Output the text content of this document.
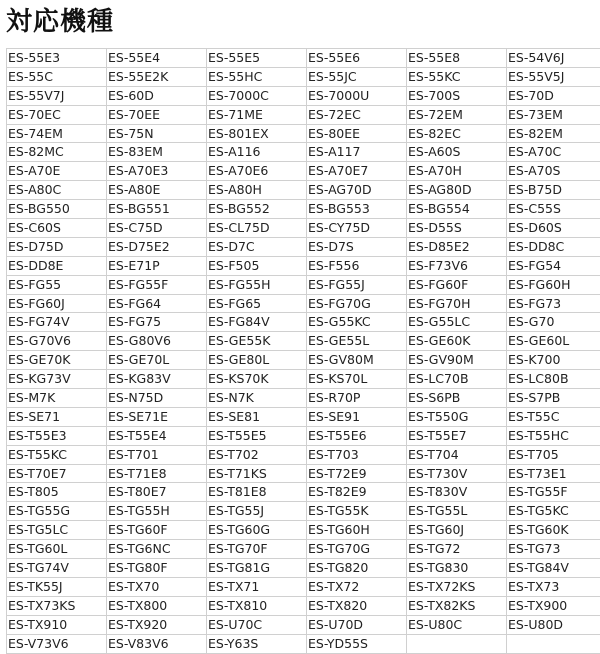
対応機種
ES-55E3	ES-55E4	ES-55E5	ES-55E6	ES-55E8	ES-54V6J
ES-55C	ES-55E2K	ES-55HC	ES-55JC	ES-55KC	ES-55V5J
ES-55V7J	ES-60D	ES-7000C	ES-7000U	ES-700S	ES-70D
ES-70EC	ES-70EE	ES-71ME	ES-72EC	ES-72EM	ES-73EM
ES-74EM	ES-75N	ES-801EX	ES-80EE	ES-82EC	ES-82EM
ES-82MC	ES-83EM	ES-A116	ES-A117	ES-A60S	ES-A70C
ES-A70E	ES-A70E3	ES-A70E6	ES-A70E7	ES-A70H	ES-A70S
ES-A80C	ES-A80E	ES-A80H	ES-AG70D	ES-AG80D	ES-B75D
ES-BG550	ES-BG551	ES-BG552	ES-BG553	ES-BG554	ES-C55S
ES-C60S	ES-C75D	ES-CL75D	ES-CY75D	ES-D55S	ES-D60S
ES-D75D	ES-D75E2	ES-D7C	ES-D7S	ES-D85E2	ES-DD8C
ES-DD8E	ES-E71P	ES-F505	ES-F556	ES-F73V6	ES-FG54
ES-FG55	ES-FG55F	ES-FG55H	ES-FG55J	ES-FG60F	ES-FG60H
ES-FG60J	ES-FG64	ES-FG65	ES-FG70G	ES-FG70H	ES-FG73
ES-FG74V	ES-FG75	ES-FG84V	ES-G55KC	ES-G55LC	ES-G70
ES-G70V6	ES-G80V6	ES-GE55K	ES-GE55L	ES-GE60K	ES-GE60L
ES-GE70K	ES-GE70L	ES-GE80L	ES-GV80M	ES-GV90M	ES-K700
ES-KG73V	ES-KG83V	ES-KS70K	ES-KS70L	ES-LC70B	ES-LC80B
ES-M7K	ES-N75D	ES-N7K	ES-R70P	ES-S6PB	ES-S7PB
ES-SE71	ES-SE71E	ES-SE81	ES-SE91	ES-T550G	ES-T55C
ES-T55E3	ES-T55E4	ES-T55E5	ES-T55E6	ES-T55E7	ES-T55HC
ES-T55KC	ES-T701	ES-T702	ES-T703	ES-T704	ES-T705
ES-T70E7	ES-T71E8	ES-T71KS	ES-T72E9	ES-T730V	ES-T73E1
ES-T805	ES-T80E7	ES-T81E8	ES-T82E9	ES-T830V	ES-TG55F
ES-TG55G	ES-TG55H	ES-TG55J	ES-TG55K	ES-TG55L	ES-TG5KC
ES-TG5LC	ES-TG60F	ES-TG60G	ES-TG60H	ES-TG60J	ES-TG60K
ES-TG60L	ES-TG6NC	ES-TG70F	ES-TG70G	ES-TG72	ES-TG73
ES-TG74V	ES-TG80F	ES-TG81G	ES-TG820	ES-TG830	ES-TG84V
ES-TK55J	ES-TX70	ES-TX71	ES-TX72	ES-TX72KS	ES-TX73
ES-TX73KS	ES-TX800	ES-TX810	ES-TX820	ES-TX82KS	ES-TX900
ES-TX910	ES-TX920	ES-U70C	ES-U70D	ES-U80C	ES-U80D
ES-V73V6	ES-V83V6	ES-Y63S	ES-YD55S		
